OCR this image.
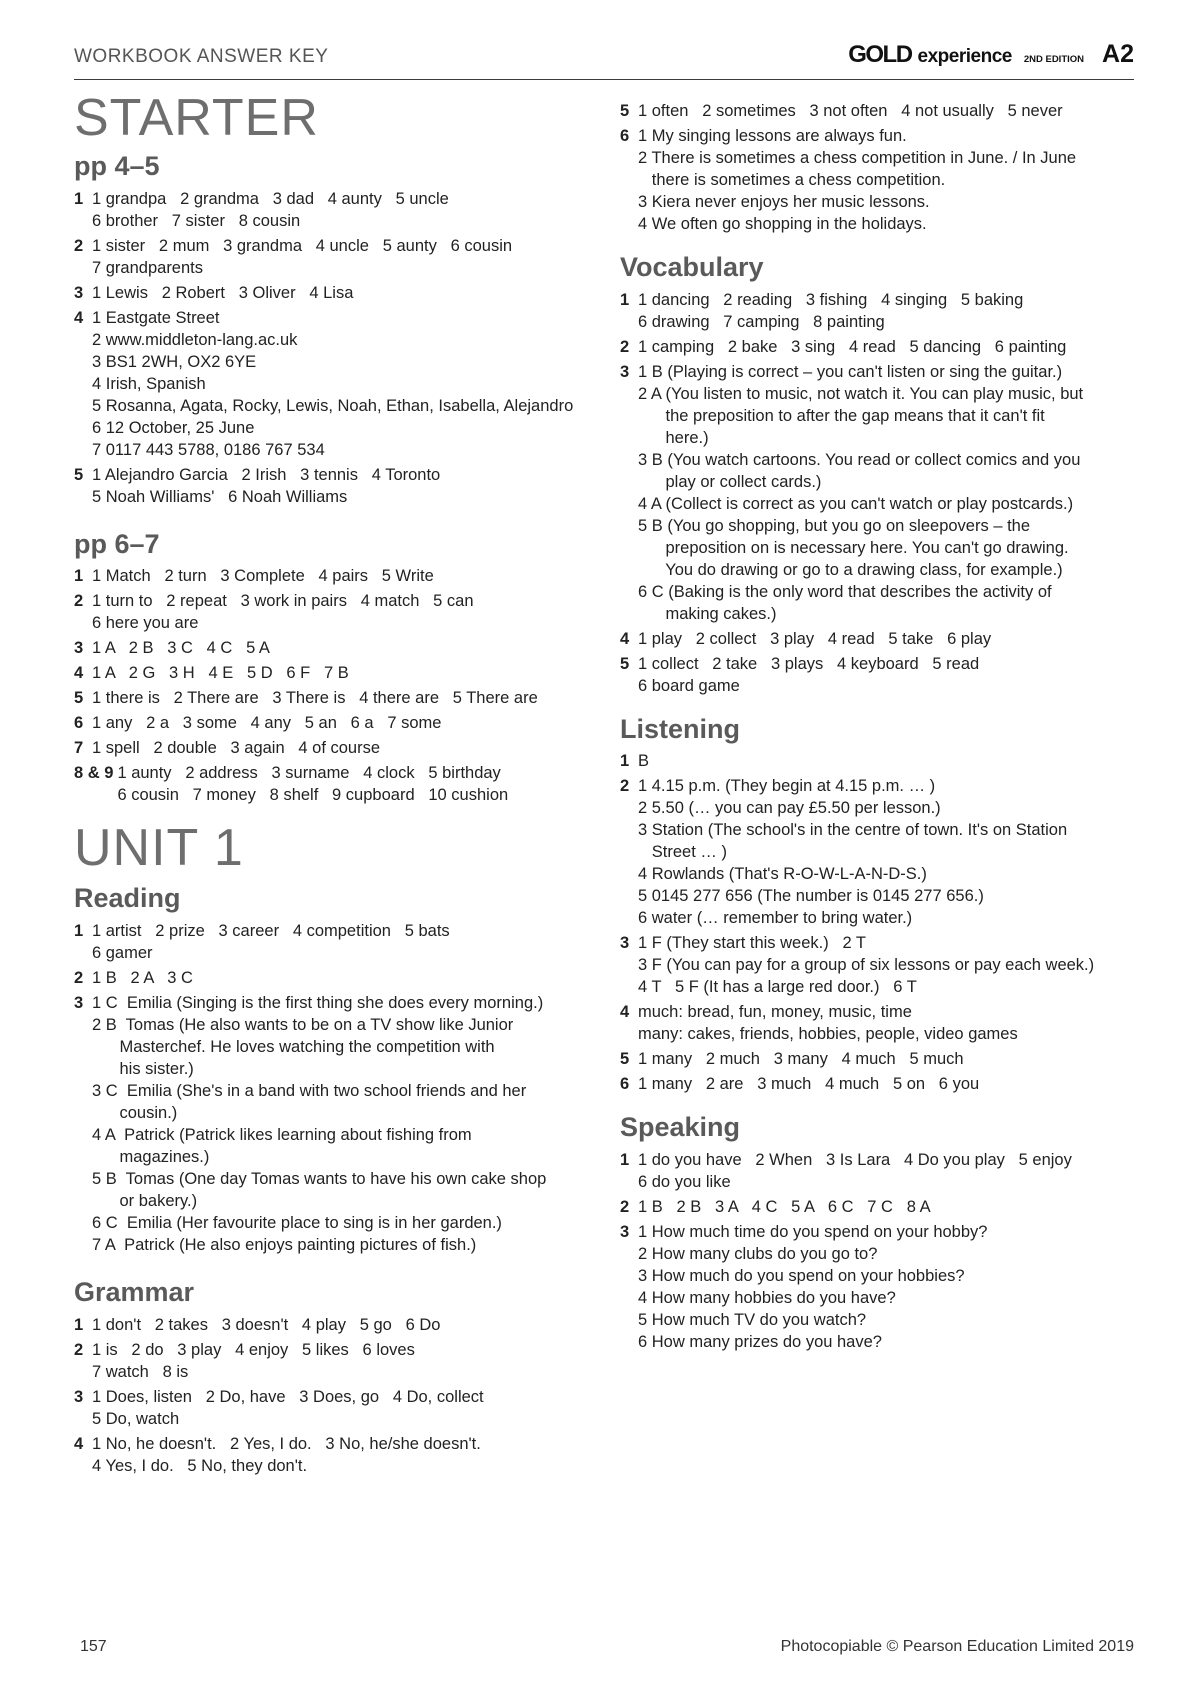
WORKBOOK ANSWER KEY	GOLD experience 2ND EDITION A2
STARTER
pp 4–5
1 1 grandpa   2 grandma   3 dad   4 aunty   5 uncle
6 brother   7 sister   8 cousin
2 1 sister   2 mum   3 grandma   4 uncle   5 aunty   6 cousin
7 grandparents
3 1 Lewis   2 Robert   3 Oliver   4 Lisa
4 1 Eastgate Street
2 www.middleton-lang.ac.uk
3 BS1 2WH, OX2 6YE
4 Irish, Spanish
5 Rosanna, Agata, Rocky, Lewis, Noah, Ethan, Isabella, Alejandro
6 12 October, 25 June
7 0117 443 5788, 0186 767 534
5 1 Alejandro Garcia   2 Irish   3 tennis   4 Toronto
5 Noah Williams'   6 Noah Williams
pp 6–7
1 1 Match   2 turn   3 Complete   4 pairs   5 Write
2 1 turn to   2 repeat   3 work in pairs   4 match   5 can
6 here you are
3 1 A   2 B   3 C   4 C   5 A
4 1 A   2 G   3 H   4 E   5 D   6 F   7 B
5 1 there is   2 There are   3 There is   4 there are   5 There are
6 1 any   2 a   3 some   4 any   5 an   6 a   7 some
7 1 spell   2 double   3 again   4 of course
8 & 9 1 aunty   2 address   3 surname   4 clock   5 birthday
6 cousin   7 money   8 shelf   9 cupboard   10 cushion
UNIT 1
Reading
1 1 artist   2 prize   3 career   4 competition   5 bats
6 gamer
2 1 B   2 A   3 C
3 1 C  Emilia (Singing is the first thing she does every morning.)
2 B  Tomas (He also wants to be on a TV show like Junior
Masterchef. He loves watching the competition with
his sister.)
3 C  Emilia (She's in a band with two school friends and her
cousin.)
4 A  Patrick (Patrick likes learning about fishing from
magazines.)
5 B  Tomas (One day Tomas wants to have his own cake shop
or bakery.)
6 C  Emilia (Her favourite place to sing is in her garden.)
7 A  Patrick (He also enjoys painting pictures of fish.)
Grammar
1 1 don't   2 takes   3 doesn't   4 play   5 go   6 Do
2 1 is   2 do   3 play   4 enjoy   5 likes   6 loves
7 watch   8 is
3 1 Does, listen   2 Do, have   3 Does, go   4 Do, collect
5 Do, watch
4 1 No, he doesn't.   2 Yes, I do.   3 No, he/she doesn't.
4 Yes, I do.   5 No, they don't.
5 1 often   2 sometimes   3 not often   4 not usually   5 never
6 1 My singing lessons are always fun.
2 There is sometimes a chess competition in June. / In June
there is sometimes a chess competition.
3 Kiera never enjoys her music lessons.
4 We often go shopping in the holidays.
Vocabulary
1 1 dancing   2 reading   3 fishing   4 singing   5 baking
6 drawing   7 camping   8 painting
2 1 camping   2 bake   3 sing   4 read   5 dancing   6 painting
3 1 B (Playing is correct – you can't listen or sing the guitar.)
2 A (You listen to music, not watch it. You can play music, but
the preposition to after the gap means that it can't fit
here.)
3 B (You watch cartoons. You read or collect comics and you
play or collect cards.)
4 A (Collect is correct as you can't watch or play postcards.)
5 B (You go shopping, but you go on sleepovers – the
preposition on is necessary here. You can't go drawing.
You do drawing or go to a drawing class, for example.)
6 C (Baking is the only word that describes the activity of
making cakes.)
4 1 play   2 collect   3 play   4 read   5 take   6 play
5 1 collect   2 take   3 plays   4 keyboard   5 read
6 board game
Listening
1 B
2 1 4.15 p.m. (They begin at 4.15 p.m. … )
2 5.50 (… you can pay £5.50 per lesson.)
3 Station (The school's in the centre of town. It's on Station
Street … )
4 Rowlands (That's R-O-W-L-A-N-D-S.)
5 0145 277 656 (The number is 0145 277 656.)
6 water (… remember to bring water.)
3 1 F (They start this week.)   2 T
3 F (You can pay for a group of six lessons or pay each week.)
4 T   5 F (It has a large red door.)   6 T
4 much: bread, fun, money, music, time
many: cakes, friends, hobbies, people, video games
5 1 many   2 much   3 many   4 much   5 much
6 1 many   2 are   3 much   4 much   5 on   6 you
Speaking
1 1 do you have   2 When   3 Is Lara   4 Do you play   5 enjoy
6 do you like
2 1 B   2 B   3 A   4 C   5 A   6 C   7 C   8 A
3 1 How much time do you spend on your hobby?
2 How many clubs do you go to?
3 How much do you spend on your hobbies?
4 How many hobbies do you have?
5 How much TV do you watch?
6 How many prizes do you have?
157	Photocopiable © Pearson Education Limited 2019
